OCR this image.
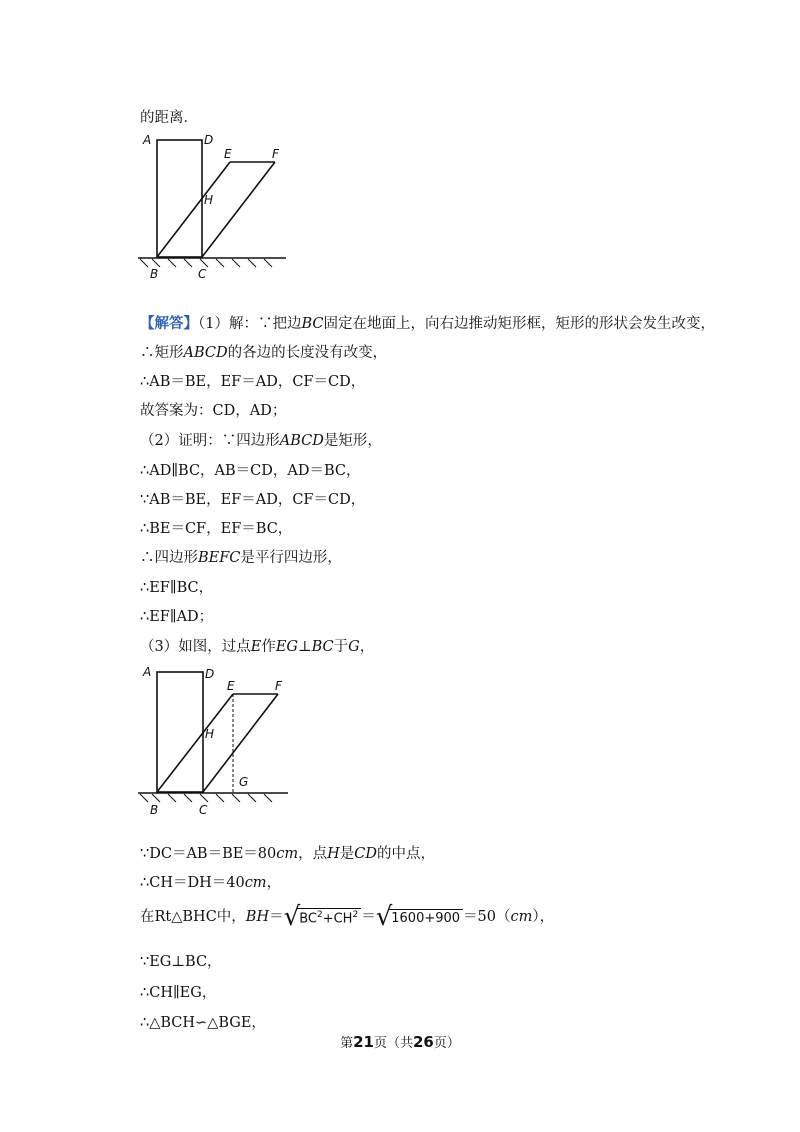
的距离．
A	D
E	F
H
B	C
【解答】（1）解：∵把边BC固定在地面上，向右边推动矩形框，矩形的形状会发生改变，
∴矩形ABCD的各边的长度没有改变，
∴AB＝BE，EF＝AD，CF＝CD，
故答案为：CD，AD；
（2）证明：∵四边形ABCD是矩形，
∴AD∥BC，AB＝CD，AD＝BC，
∵AB＝BE，EF＝AD，CF＝CD，
∴BE＝CF，EF＝BC，
∴四边形BEFC是平行四边形，
∴EF∥BC，
∴EF∥AD；
（3）如图，过点E作EG⊥BC于G，
A	D
E	F
H
G
B	C
∵DC＝AB＝BE＝80cm，点H是CD的中点，
∴CH＝DH＝40cm，
在Rt△BHC中，$BH=√BC^2+CH^2 =√1600+900 =50(cm)$，
∵EG⊥BC，
∴CH∥EG，
∴△BCH∽△BGE，
第21页（共26页）
